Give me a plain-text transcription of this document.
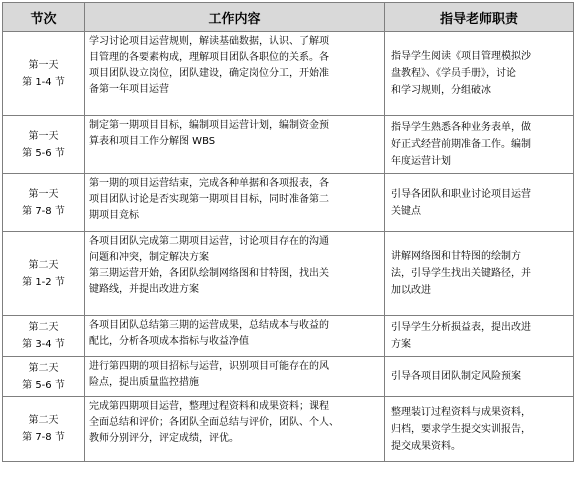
节次	工作内容	指导老师职责

第一天
第 1-4 节	学习讨论项目运营规则，解读基础数据，认识、了解项
目管理的各要素构成，理解项目团队各职位的关系。各
项目团队设立岗位，团队建设，确定岗位分工，开始准
备第一年项目运营	指导学生阅读《项目管理模拟沙
盘教程》、《学员手册》，讨论
和学习规则，分组破冰

第一天
第 5-6 节	制定第一期项目目标，编制项目运营计划，编制资金预
算表和项目工作分解图 WBS	指导学生熟悉各种业务表单，做
好正式经营前期准备工作。编制
年度运营计划

第一天
第 7-8 节	第一期的项目运营结束，完成各种单据和各项报表，各
项目团队讨论是否实现第一期项目目标，同时准备第二
期项目竞标	引导各团队和职业讨论项目运营
关键点

第二天
第 1-2 节	各项目团队完成第二期项目运营，讨论项目存在的沟通
问题和冲突，制定解决方案
第三期运营开始，各团队绘制网络图和甘特图，找出关
键路线，并提出改进方案	讲解网络图和甘特图的绘制方
法，引导学生找出关键路径，并
加以改进

第二天
第 3-4 节	各项目团队总结第三期的运营成果，总结成本与收益的
配比，分析各项成本指标与收益净值	引导学生分析损益表，提出改进
方案

第二天
第 5-6 节	进行第四期的项目招标与运营，识别项目可能存在的风
险点，提出质量监控措施	引导各项目团队制定风险预案

第二天
第 7-8 节	完成第四期项目运营，整理过程资料和成果资料；课程
全面总结和评价；各团队全面总结与评价，团队、个人、
教师分别评分，评定成绩，评优。	整理装订过程资料与成果资料，
归档，要求学生提交实训报告，
提交成果资料。
